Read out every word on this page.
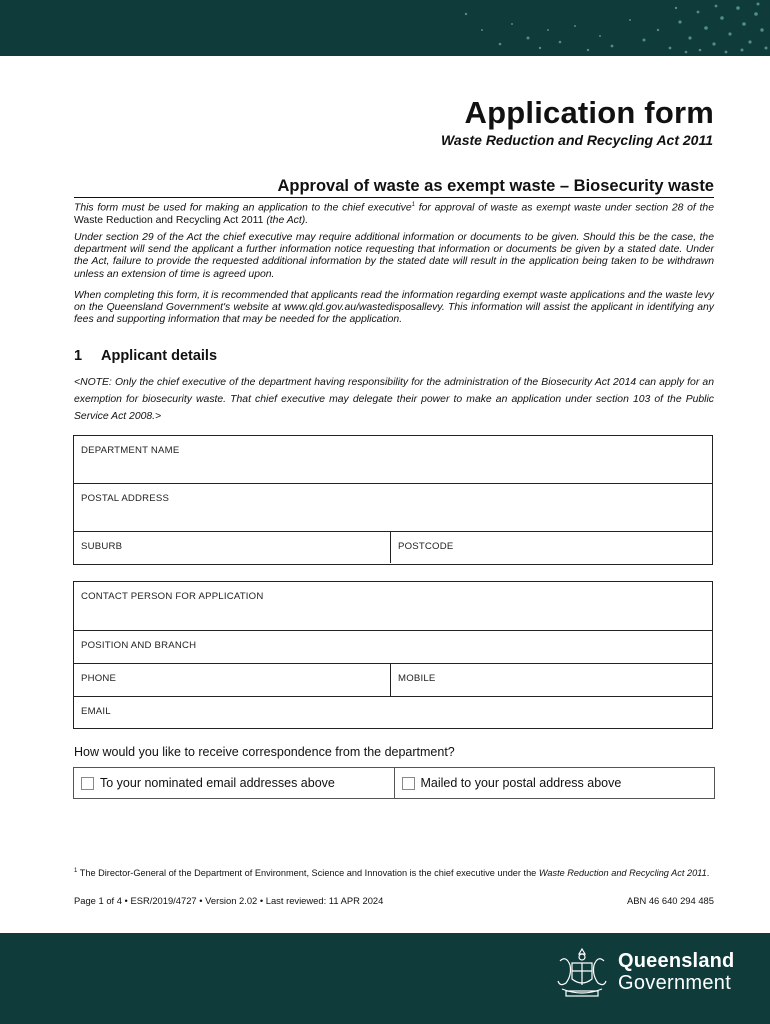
Application form
Waste Reduction and Recycling Act 2011
Approval of waste as exempt waste – Biosecurity waste
This form must be used for making an application to the chief executive$^1$ for approval of waste as exempt waste under section 28 of the Waste Reduction and Recycling Act 2011 (the Act).
Under section 29 of the Act the chief executive may require additional information or documents to be given. Should this be the case, the department will send the applicant a further information notice requesting that information or documents be given by a stated date. Under the Act, failure to provide the requested additional information by the stated date will result in the application being taken to be withdrawn unless an extension of time is agreed upon.
When completing this form, it is recommended that applicants read the information regarding exempt waste applications and the waste levy on the Queensland Government's website at www.qld.gov.au/wastedisposallevy. This information will assist the applicant in identifying any fees and supporting information that may be needed for the application.
1 Applicant details
<NOTE: Only the chief executive of the department having responsibility for the administration of the Biosecurity Act 2014 can apply for an exemption for biosecurity waste. That chief executive may delegate their power to make an application under section 103 of the Public Service Act 2008.>
DEPARTMENT NAME
POSTAL ADDRESS
SUBURB	POSTCODE
CONTACT PERSON FOR APPLICATION
POSITION AND BRANCH
PHONE	MOBILE
EMAIL
How would you like to receive correspondence from the department?
To your nominated email addresses above	Mailed to your postal address above
$^1$ The Director-General of the Department of Environment, Science and Innovation is the chief executive under the Waste Reduction and Recycling Act 2011.
Page 1 of 4 • ESR/2019/4727 • Version 2.02 • Last reviewed: 11 APR 2024	ABN 46 640 294 485
Queensland
Government
